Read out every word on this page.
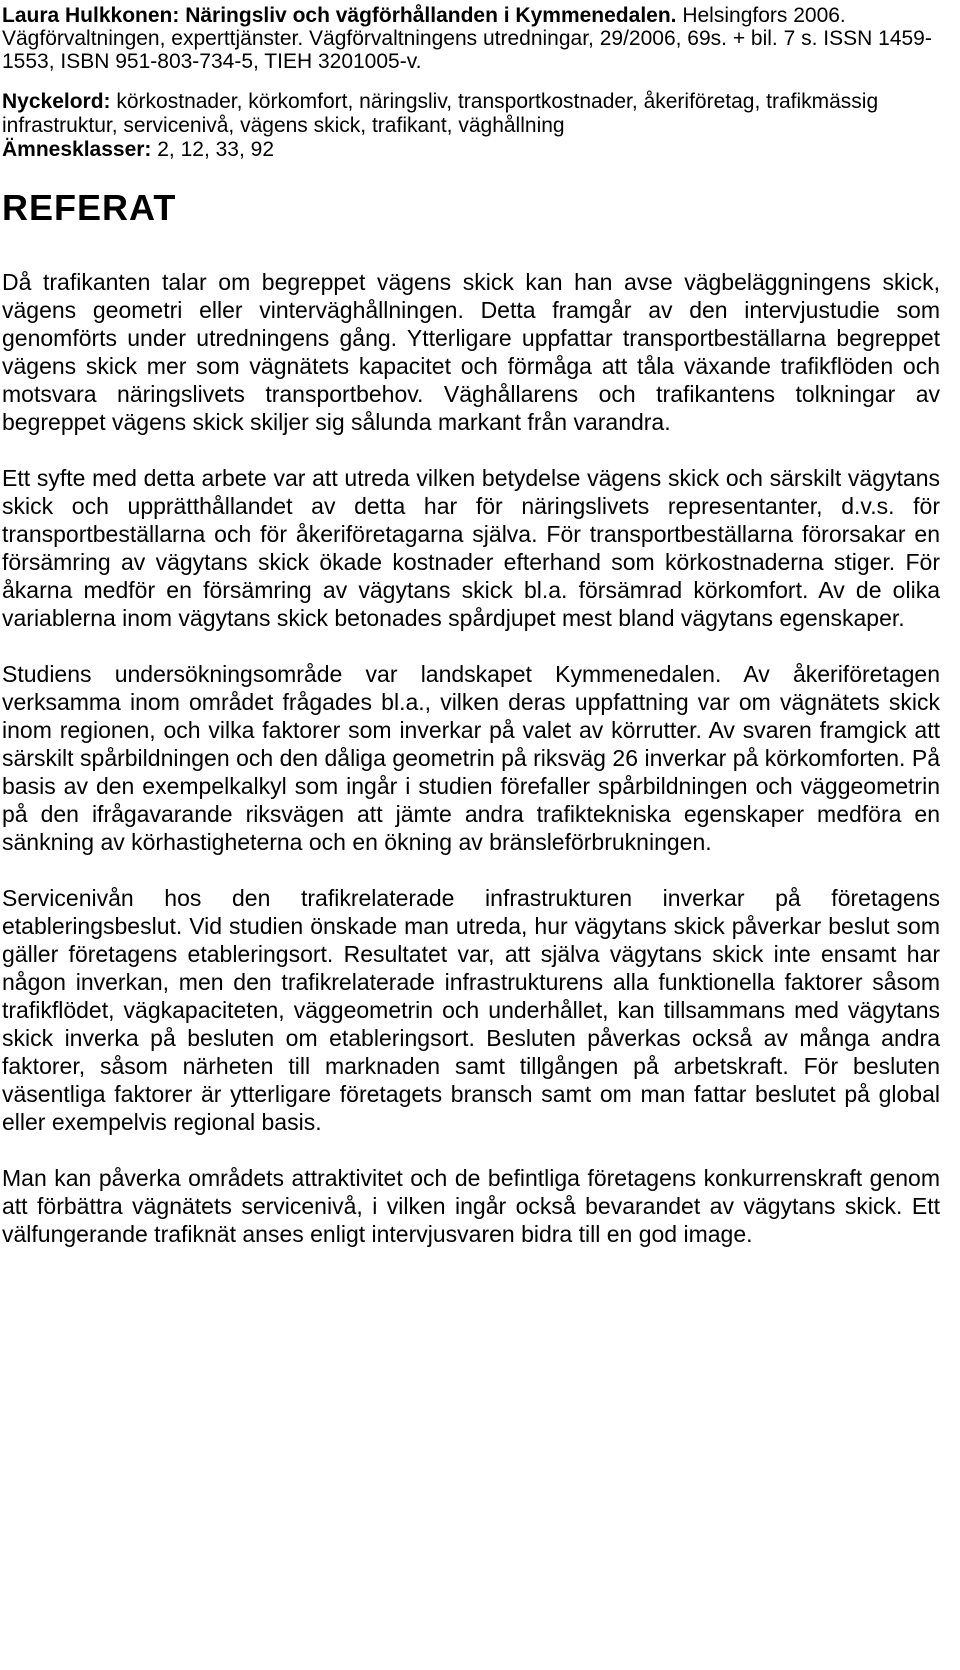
Laura Hulkkonen: Näringsliv och vägförhållanden i Kymmenedalen. Helsingfors 2006. Vägförvaltningen, experttjänster. Vägförvaltningens utredningar, 29/2006, 69s. + bil. 7 s. ISSN 1459-1553, ISBN 951-803-734-5, TIEH 3201005-v.

Nyckelord: körkostnader, körkomfort, näringsliv, transportkostnader, åkeriföretag, trafikmässig infrastruktur, servicenivå, vägens skick, trafikant, väghållning

Ämnesklasser: 2, 12, 33, 92

REFERAT

Då trafikanten talar om begreppet vägens skick kan han avse vägbeläggningens skick, vägens geometri eller vinterväghållningen. Detta framgår av den intervjustudie som genomförts under utredningens gång. Ytterligare uppfattar transportbeställarna begreppet vägens skick mer som vägnätets kapacitet och förmåga att tåla växande trafikflöden och motsvara näringslivets transportbehov. Väghållarens och trafikantens tolkningar av begreppet vägens skick skiljer sig sålunda markant från varandra.

Ett syfte med detta arbete var att utreda vilken betydelse vägens skick och särskilt vägytans skick och upprätthållandet av detta har för näringslivets representanter, d.v.s. för transportbeställarna och för åkeriföretagarna själva. För transportbeställarna förorsakar en försämring av vägytans skick ökade kostnader efterhand som körkostnaderna stiger. För åkarna medför en försämring av vägytans skick bl.a. försämrad körkomfort. Av de olika variablerna inom vägytans skick betonades spårdjupet mest bland vägytans egenskaper.

Studiens undersökningsområde var landskapet Kymmenedalen. Av åkeriföretagen verksamma inom området frågades bl.a., vilken deras uppfattning var om vägnätets skick inom regionen, och vilka faktorer som inverkar på valet av körrutter. Av svaren framgick att särskilt spårbildningen och den dåliga geometrin på riksväg 26 inverkar på körkomforten. På basis av den exempelkalkyl som ingår i studien förefaller spårbildningen och väggeometrin på den ifrågavarande riksvägen att jämte andra trafiktekniska egenskaper medföra en sänkning av körhastigheterna och en ökning av bränsleförbrukningen.

Servicenivån hos den trafikrelaterade infrastrukturen inverkar på företagens etableringsbeslut. Vid studien önskade man utreda, hur vägytans skick påverkar beslut som gäller företagens etableringsort. Resultatet var, att själva vägytans skick inte ensamt har någon inverkan, men den trafikrelaterade infrastrukturens alla funktionella faktorer såsom trafikflödet, vägkapaciteten, väggeometrin och underhållet, kan tillsammans med vägytans skick inverka på besluten om etableringsort. Besluten påverkas också av många andra faktorer, såsom närheten till marknaden samt tillgången på arbetskraft. För besluten väsentliga faktorer är ytterligare företagets bransch samt om man fattar beslutet på global eller exempelvis regional basis.

Man kan påverka områdets attraktivitet och de befintliga företagens konkurrenskraft genom att förbättra vägnätets servicenivå, i vilken ingår också bevarandet av vägytans skick. Ett välfungerande trafiknät anses enligt intervjusvaren bidra till en god image.
